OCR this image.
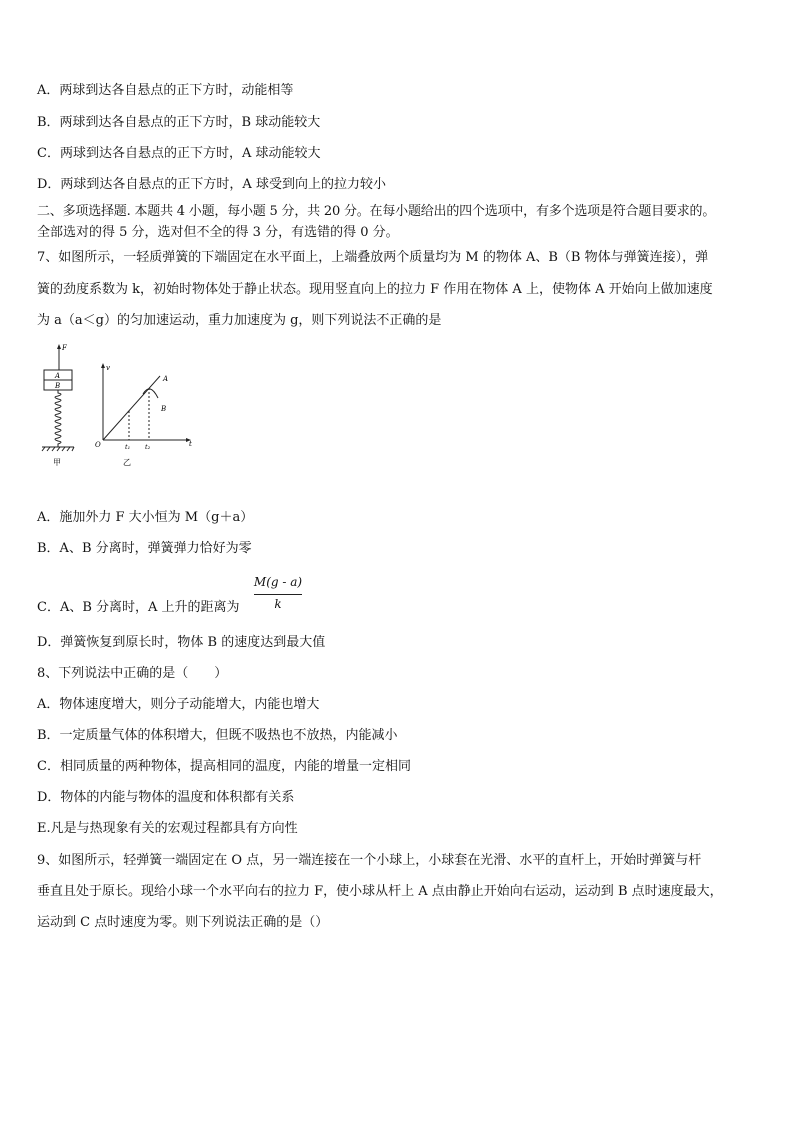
A．两球到达各自悬点的正下方时，动能相等
B．两球到达各自悬点的正下方时，B 球动能较大
C．两球到达各自悬点的正下方时，A 球动能较大
D．两球到达各自悬点的正下方时，A 球受到向上的拉力较小
二、多项选择题. 本题共 4 小题，每小题 5 分，共 20 分。在每小题给出的四个选项中，有多个选项是符合题目要求的。
全部选对的得 5 分，选对但不全的得 3 分，有选错的得 0 分。
7、如图所示，一轻质弹簧的下端固定在水平面上，上端叠放两个质量均为 M 的物体 A、B（B 物体与弹簧连接），弹
簧的劲度系数为 k，初始时物体处于静止状态。现用竖直向上的拉力 F 作用在物体 A 上，使物体 A 开始向上做加速度
为 a（a＜g）的匀加速运动，重力加速度为 g，则下列说法不正确的是
F
A
B
甲
v
t
O
A
B
t₁ t₂
乙
A．施加外力 F 大小恒为 M（g＋a）
B．A、B 分离时，弹簧弹力恰好为零
C．A、B 分离时，A 上升的距离为
M(g - a)
k
D．弹簧恢复到原长时，物体 B 的速度达到最大值
8、下列说法中正确的是（　　）
A．物体速度增大，则分子动能增大，内能也增大
B．一定质量气体的体积增大，但既不吸热也不放热，内能减小
C．相同质量的两种物体，提高相同的温度，内能的增量一定相同
D．物体的内能与物体的温度和体积都有关系
E.凡是与热现象有关的宏观过程都具有方向性
9、如图所示，轻弹簧一端固定在 O 点，另一端连接在一个小球上，小球套在光滑、水平的直杆上，开始时弹簧与杆
垂直且处于原长。现给小球一个水平向右的拉力 F，使小球从杆上 A 点由静止开始向右运动，运动到 B 点时速度最大，
运动到 C 点时速度为零。则下列说法正确的是（）
